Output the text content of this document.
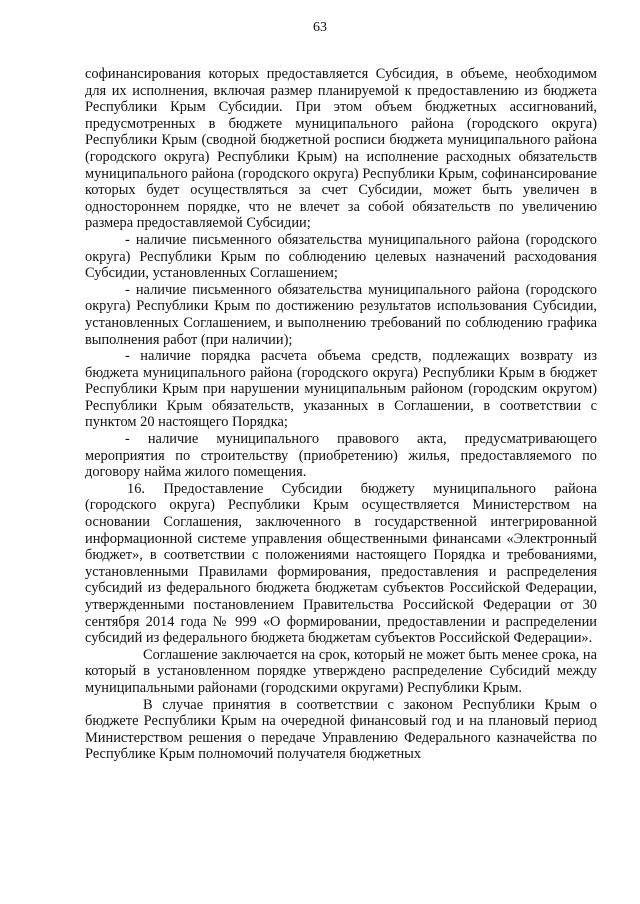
63

софинансирования которых предоставляется Субсидия, в объеме, необходимом для их исполнения, включая размер планируемой к предоставлению из бюджета Республики Крым Субсидии. При этом объем бюджетных ассигнований, предусмотренных в бюджете муниципального района (городского округа) Республики Крым (сводной бюджетной росписи бюджета муниципального района (городского округа) Республики Крым) на исполнение расходных обязательств муниципального района (городского округа) Республики Крым, софинансирование которых будет осуществляться за счет Субсидии, может быть увеличен в одностороннем порядке, что не влечет за собой обязательств по увеличению размера предоставляемой Субсидии;

- наличие письменного обязательства муниципального района (городского округа) Республики Крым по соблюдению целевых назначений расходования Субсидии, установленных Соглашением;

- наличие письменного обязательства муниципального района (городского округа) Республики Крым по достижению результатов использования Субсидии, установленных Соглашением, и выполнению требований по соблюдению графика выполнения работ (при наличии);

- наличие порядка расчета объема средств, подлежащих возврату из бюджета муниципального района (городского округа) Республики Крым в бюджет Республики Крым при нарушении муниципальным районом (городским округом) Республики Крым обязательств, указанных в Соглашении, в соответствии с пунктом 20 настоящего Порядка;

- наличие муниципального правового акта, предусматривающего мероприятия по строительству (приобретению) жилья, предоставляемого по договору найма жилого помещения.

16. Предоставление Субсидии бюджету муниципального района (городского округа) Республики Крым осуществляется Министерством на основании Соглашения, заключенного в государственной интегрированной информационной системе управления общественными финансами «Электронный бюджет», в соответствии с положениями настоящего Порядка и требованиями, установленными Правилами формирования, предоставления и распределения субсидий из федерального бюджета бюджетам субъектов Российской Федерации, утвержденными постановлением Правительства Российской Федерации от 30 сентября 2014 года № 999 «О формировании, предоставлении и распределении субсидий из федерального бюджета бюджетам субъектов Российской Федерации».

Соглашение заключается на срок, который не может быть менее срока, на который в установленном порядке утверждено распределение Субсидий между муниципальными районами (городскими округами) Республики Крым.

В случае принятия в соответствии с законом Республики Крым о бюджете Республики Крым на очередной финансовый год и на плановый период Министерством решения о передаче Управлению Федерального казначейства по Республике Крым полномочий получателя бюджетных
